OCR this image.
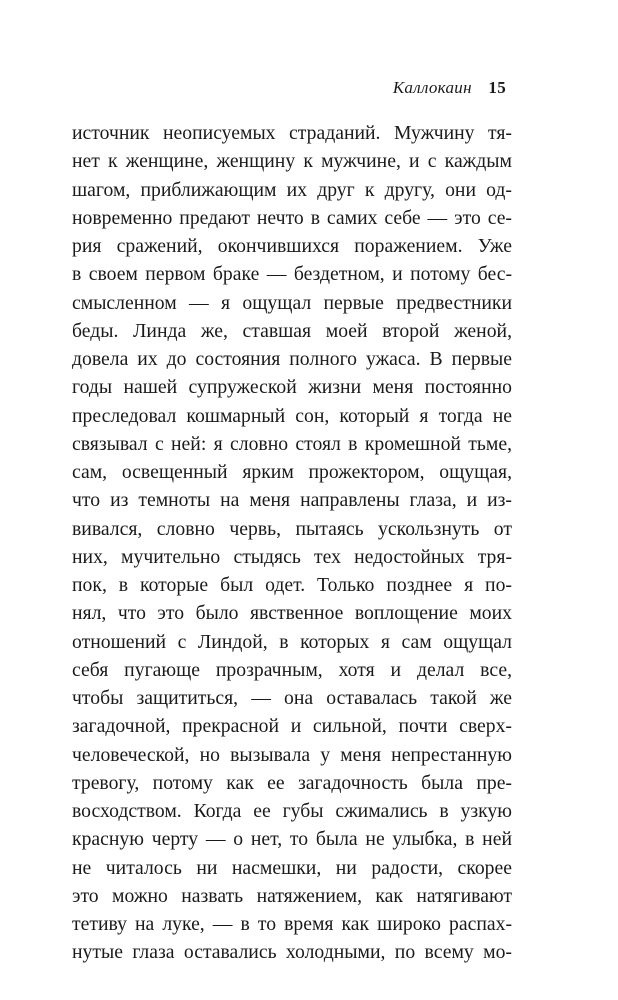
Каллокаин 15
источник неописуемых страданий. Мужчину тя-
нет к женщине, женщину к мужчине, и с каждым
шагом, приближающим их друг к другу, они од-
новременно предают нечто в самих себе — это се-
рия сражений, окончившихся поражением. Уже
в своем первом браке — бездетном, и потому бес-
смысленном — я ощущал первые предвестники
беды. Линда же, ставшая моей второй женой,
довела их до состояния полного ужаса. В первые
годы нашей супружеской жизни меня постоянно
преследовал кошмарный сон, который я тогда не
связывал с ней: я словно стоял в кромешной тьме,
сам, освещенный ярким прожектором, ощущая,
что из темноты на меня направлены глаза, и из-
вивался, словно червь, пытаясь ускользнуть от
них, мучительно стыдясь тех недостойных тря-
пок, в которые был одет. Только позднее я по-
нял, что это было явственное воплощение моих
отношений с Линдой, в которых я сам ощущал
себя пугающе прозрачным, хотя и делал все,
чтобы защититься, — она оставалась такой же
загадочной, прекрасной и сильной, почти сверх-
человеческой, но вызывала у меня непрестанную
тревогу, потому как ее загадочность была пре-
восходством. Когда ее губы сжимались в узкую
красную черту — о нет, то была не улыбка, в ней
не читалось ни насмешки, ни радости, скорее
это можно назвать натяжением, как натягивают
тетиву на луке, — в то время как широко распах-
нутые глаза оставались холодными, по всему мо-
